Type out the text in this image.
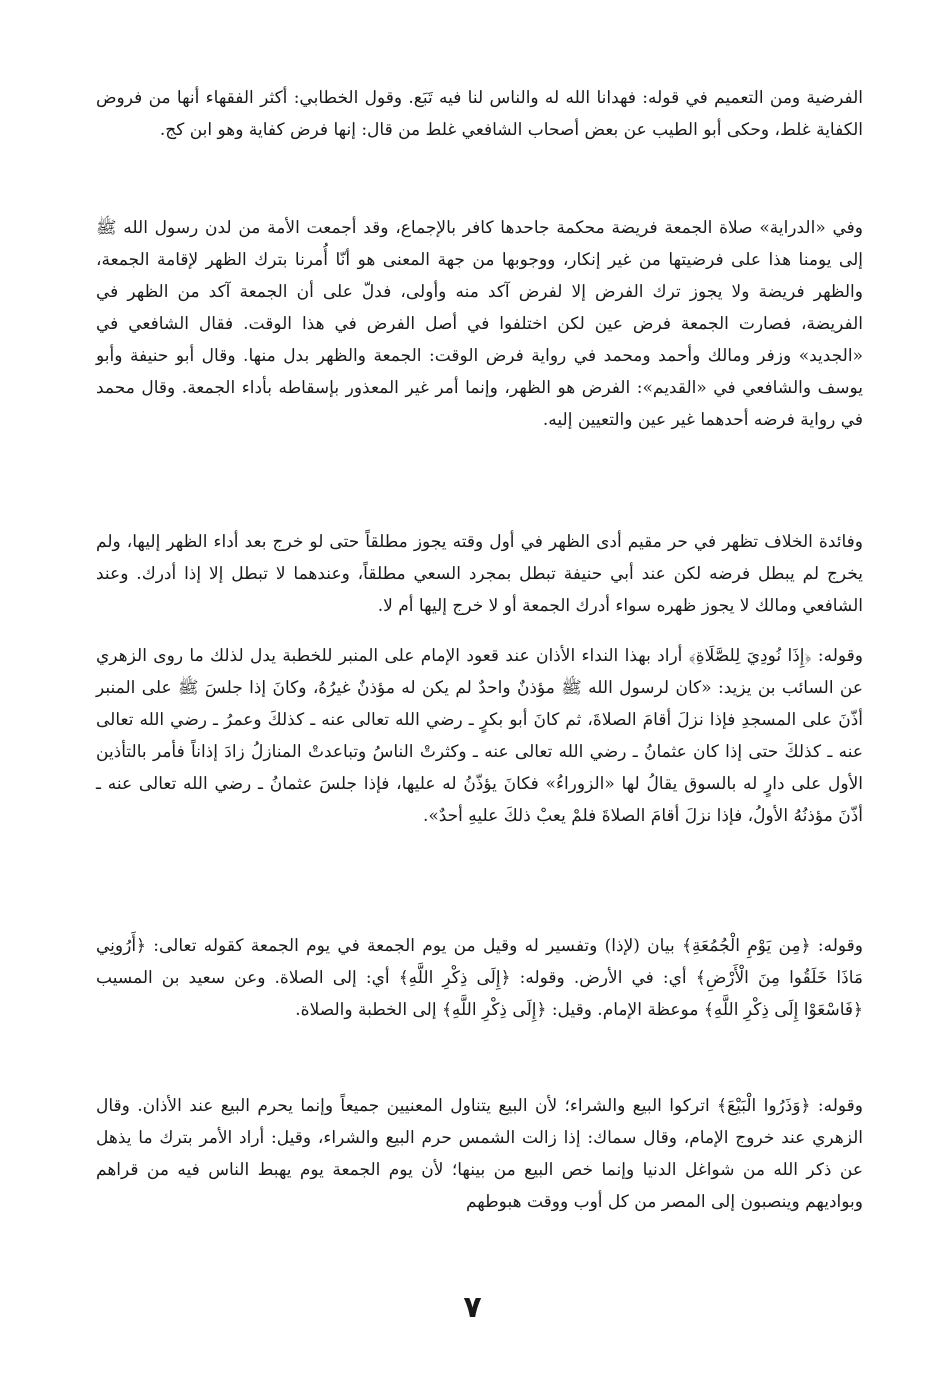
الفرضية ومن التعميم في قوله: فهدانا الله له والناس لنا فيه تَبَع. وقول الخطابي: أكثر الفقهاء أنها من فروض الكفاية غلط، وحكى أبو الطيب عن بعض أصحاب الشافعي غلط من قال: إنها فرض كفاية وهو ابن كج.

وفي «الدراية» صلاة الجمعة فريضة محكمة جاحدها كافر بالإجماع، وقد أجمعت الأمة من لدن رسول الله ﷺ إلى يومنا هذا على فرضيتها من غير إنكار، ووجوبها من جهة المعنى هو أنّا أُمرنا بترك الظهر لإقامة الجمعة، والظهر فريضة ولا يجوز ترك الفرض إلا لفرض آكد منه وأولى، فدلّ على أن الجمعة آكد من الظهر في الفريضة، فصارت الجمعة فرض عين لكن اختلفوا في أصل الفرض في هذا الوقت. فقال الشافعي في «الجديد» وزفر ومالك وأحمد ومحمد في رواية فرض الوقت: الجمعة والظهر بدل منها. وقال أبو حنيفة وأبو يوسف والشافعي في «القديم»: الفرض هو الظهر، وإنما أمر غير المعذور بإسقاطه بأداء الجمعة. وقال محمد في رواية فرضه أحدهما غير عين والتعيين إليه.

وفائدة الخلاف تظهر في حر مقيم أدى الظهر في أول وقته يجوز مطلقاً حتى لو خرج بعد أداء الظهر إليها، ولم يخرج لم يبطل فرضه لكن عند أبي حنيفة تبطل بمجرد السعي مطلقاً، وعندهما لا تبطل إلا إذا أدرك. وعند الشافعي ومالك لا يجوز ظهره سواء أدرك الجمعة أو لا خرج إليها أم لا.

وقوله: ﴿إِذَا نُودِيَ لِلصَّلَاةِ﴾ أراد بهذا النداء الأذان عند قعود الإمام على المنبر للخطبة يدل لذلك ما روى الزهري عن السائب بن يزيد: «كان لرسول الله ﷺ مؤذنٌ واحدٌ لم يكن له مؤذنٌ غيرُهُ، وكانَ إذا جلسَ ﷺ على المنبر أذّنَ على المسجدِ فإذا نزلَ أقامَ الصلاةَ، ثم كانَ أبو بكرٍ ـ رضي الله تعالى عنه ـ كذلكَ وعمرُ ـ رضي الله تعالى عنه ـ كذلكَ حتى إذا كان عثمانُ ـ رضي الله تعالى عنه ـ وكثرتْ الناسُ وتباعدتْ المنازلُ زادَ إذاناً فأمر بالتأذين الأول على دارٍ له بالسوق يقالُ لها «الزوراءُ» فكانَ يؤذّنُ له عليها، فإذا جلسَ عثمانُ ـ رضي الله تعالى عنه ـ أذّنَ مؤذنُهُ الأولُ، فإذا نزلَ أقامَ الصلاةَ فلمْ يعبْ ذلكَ عليهِ أحدٌ».

وقوله: ﴿مِن يَوْمِ الْجُمُعَةِ﴾ بيان (لإذا) وتفسير له وقيل من يوم الجمعة في يوم الجمعة كقوله تعالى: ﴿أَرُونِي مَاذَا خَلَقُوا مِنَ الْأَرْضِ﴾ أي: في الأرض. وقوله: ﴿إِلَى ذِكْرِ اللَّهِ﴾ أي: إلى الصلاة. وعن سعيد بن المسيب ﴿فَاسْعَوْا إِلَى ذِكْرِ اللَّهِ﴾ موعظة الإمام. وقيل: ﴿إِلَى ذِكْرِ اللَّهِ﴾ إلى الخطبة والصلاة.

وقوله: ﴿وَذَرُوا الْبَيْعَ﴾ اتركوا البيع والشراء؛ لأن البيع يتناول المعنيين جميعاً وإنما يحرم البيع عند الأذان. وقال الزهري عند خروج الإمام، وقال سماك: إذا زالت الشمس حرم البيع والشراء، وقيل: أراد الأمر بترك ما يذهل عن ذكر الله من شواغل الدنيا وإنما خص البيع من بينها؛ لأن يوم الجمعة يوم يهبط الناس فيه من قراهم وبواديهم وينصبون إلى المصر من كل أوب ووقت هبوطهم

٧
